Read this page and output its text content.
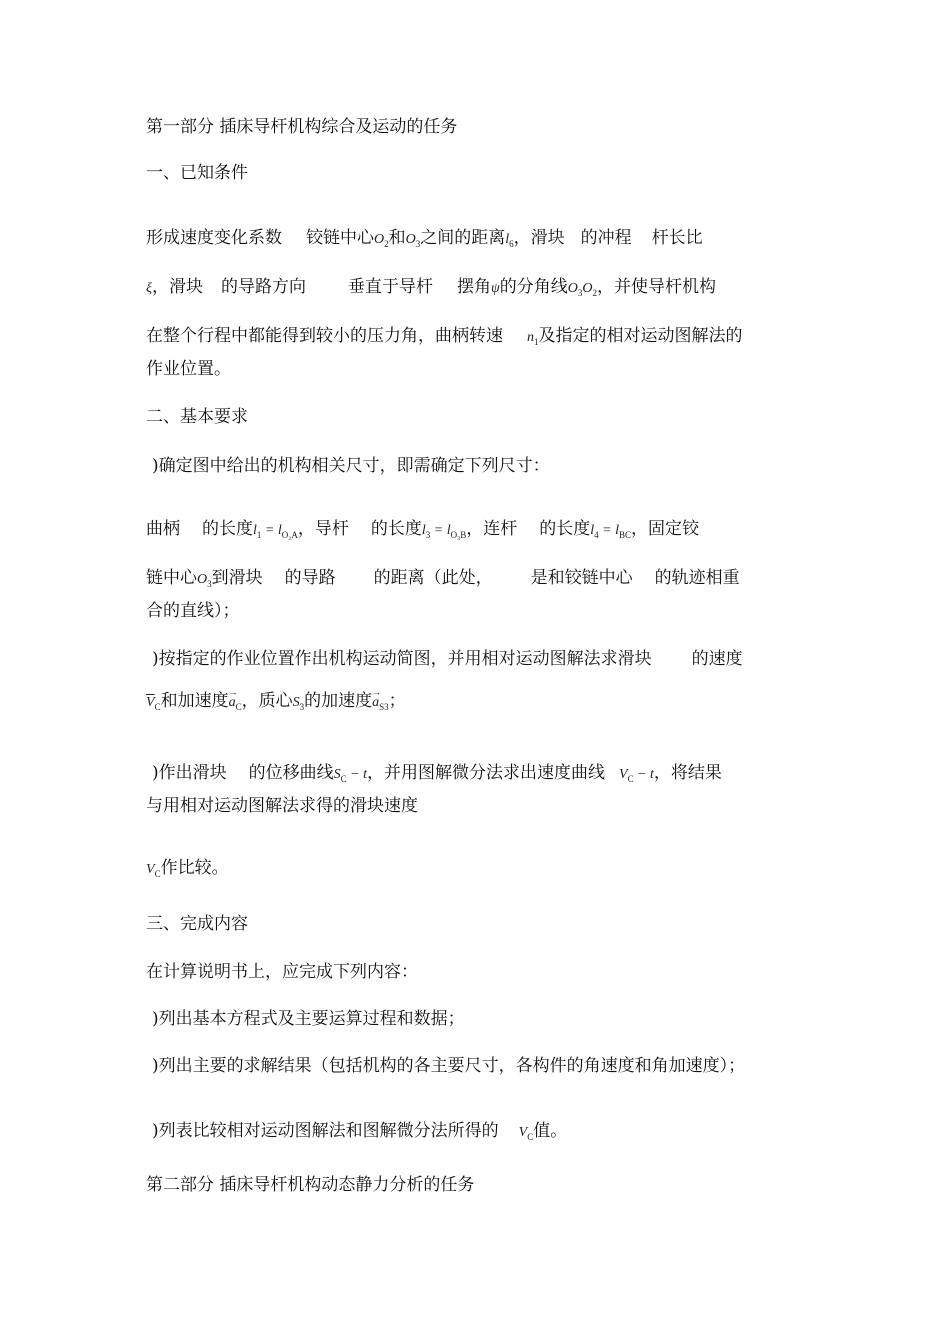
第一部分 插床导杆机构综合及运动的任务
一、已知条件
形成速度变化系数 铰链中心$O_2$和$O_3$之间的距离$l_6$，滑块 的冲程 杆长比
ξ，滑块 的导路方向 垂直于导杆 摆角ψ的分角线$O_3O_2$，并使导杆机构
在整个行程中都能得到较小的压力角，曲柄转速 $n_1$及指定的相对运动图解法的
作业位置。
二、基本要求
)确定图中给出的机构相关尺寸，即需确定下列尺寸：
曲柄 的长度$l_1 = l_{O_2A}$，导杆 的长度$l_3 = l_{O_3B}$，连杆 的长度$l_4 = l_{BC}$，固定铰
链中心$O_3$到滑块 的导路 的距离（此处， 是和铰链中心 的轨迹相重
合的直线）；
)按指定的作业位置作出机构运动简图，并用相对运动图解法求滑块 的速度
$\overline{V}_C$和加速度→ $a_C$，质心$S_3$的加速度→ $a_{S3}$；
)作出滑块 的位移曲线$S_C - t$，并用图解微分法求出速度曲线 $V_C - t$，将结果
与用相对运动图解法求得的滑块速度
$V_C$作比较。
三、完成内容
在计算说明书上，应完成下列内容：
)列出基本方程式及主要运算过程和数据；
)列出主要的求解结果（包括机构的各主要尺寸，各构件的角速度和角加速度）；
)列表比较相对运动图解法和图解微分法所得的 $V_C$值。
第二部分 插床导杆机构动态静力分析的任务
